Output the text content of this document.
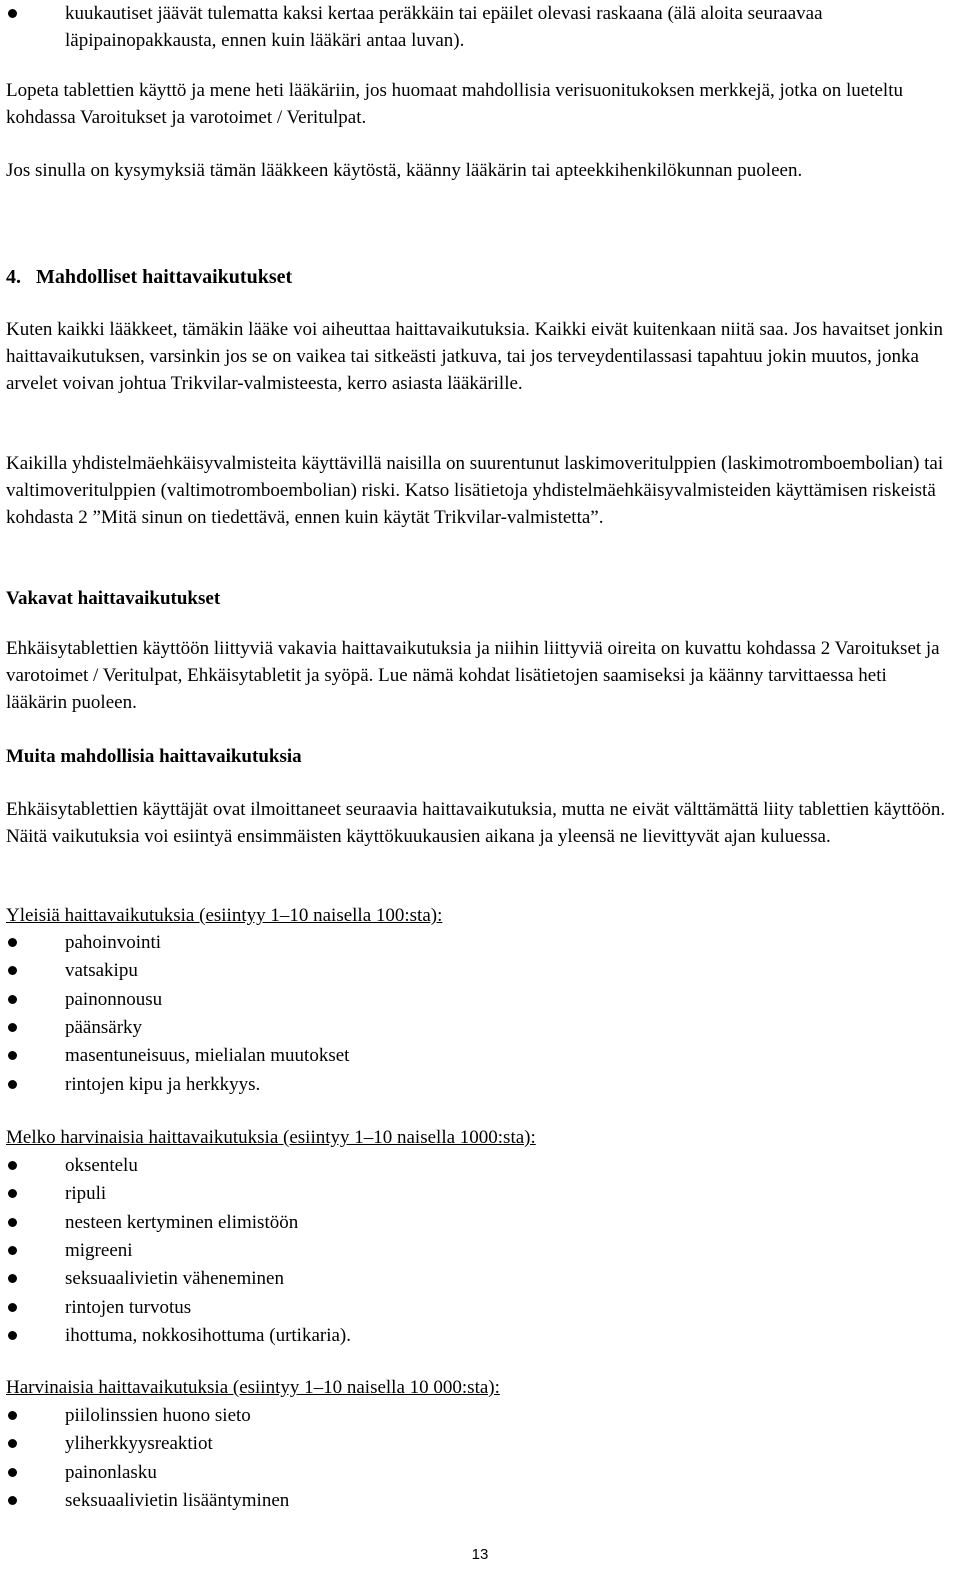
kuukautiset jäävät tulematta kaksi kertaa peräkkäin tai epäilet olevasi raskaana (älä aloita seuraavaa läpipainopakkausta, ennen kuin lääkäri antaa luvan).

Lopeta tablettien käyttö ja mene heti lääkäriin, jos huomaat mahdollisia verisuonitukoksen merkkejä, jotka on lueteltu kohdassa Varoitukset ja varotoimet / Veritulpat.

Jos sinulla on kysymyksiä tämän lääkkeen käytöstä, käänny lääkärin tai apteekkihenkilökunnan puoleen.

4.   Mahdolliset haittavaikutukset

Kuten kaikki lääkkeet, tämäkin lääke voi aiheuttaa haittavaikutuksia. Kaikki eivät kuitenkaan niitä saa. Jos havaitset jonkin haittavaikutuksen, varsinkin jos se on vaikea tai sitkeästi jatkuva, tai jos terveydentilassasi tapahtuu jokin muutos, jonka arvelet voivan johtua Trikvilar-valmisteesta, kerro asiasta lääkärille.

Kaikilla yhdistelmäehkäisyvalmisteita käyttävillä naisilla on suurentunut laskimoveritulppien (laskimotromboembolian) tai valtimoveritulppien (valtimotromboembolian) riski. Katso lisätietoja yhdistelmäehkäisyvalmisteiden käyttämisen riskeistä kohdasta 2 ”Mitä sinun on tiedettävä, ennen kuin käytät Trikvilar-valmistetta”.

Vakavat haittavaikutukset

Ehkäisytablettien käyttöön liittyviä vakavia haittavaikutuksia ja niihin liittyviä oireita on kuvattu kohdassa 2 Varoitukset ja varotoimet / Veritulpat, Ehkäisytabletit ja syöpä. Lue nämä kohdat lisätietojen saamiseksi ja käänny tarvittaessa heti lääkärin puoleen.

Muita mahdollisia haittavaikutuksia

Ehkäisytablettien käyttäjät ovat ilmoittaneet seuraavia haittavaikutuksia, mutta ne eivät välttämättä liity tablettien käyttöön. Näitä vaikutuksia voi esiintyä ensimmäisten käyttökuukausien aikana ja yleensä ne lievittyvät ajan kuluessa.

Yleisiä haittavaikutuksia (esiintyy 1–10 naisella 100:sta):

pahoinvointi
vatsakipu
painonnousu
päänsärky
masentuneisuus, mielialan muutokset
rintojen kipu ja herkkyys.

Melko harvinaisia haittavaikutuksia (esiintyy 1–10 naisella 1000:sta):

oksentelu
ripuli
nesteen kertyminen elimistöön
migreeni
seksuaalivietin väheneminen
rintojen turvotus
ihottuma, nokkosihottuma (urtikaria).

Harvinaisia haittavaikutuksia (esiintyy 1–10 naisella 10 000:sta):

piilolinssien huono sieto
yliherkkyysreaktiot
painonlasku
seksuaalivietin lisääntyminen
13
